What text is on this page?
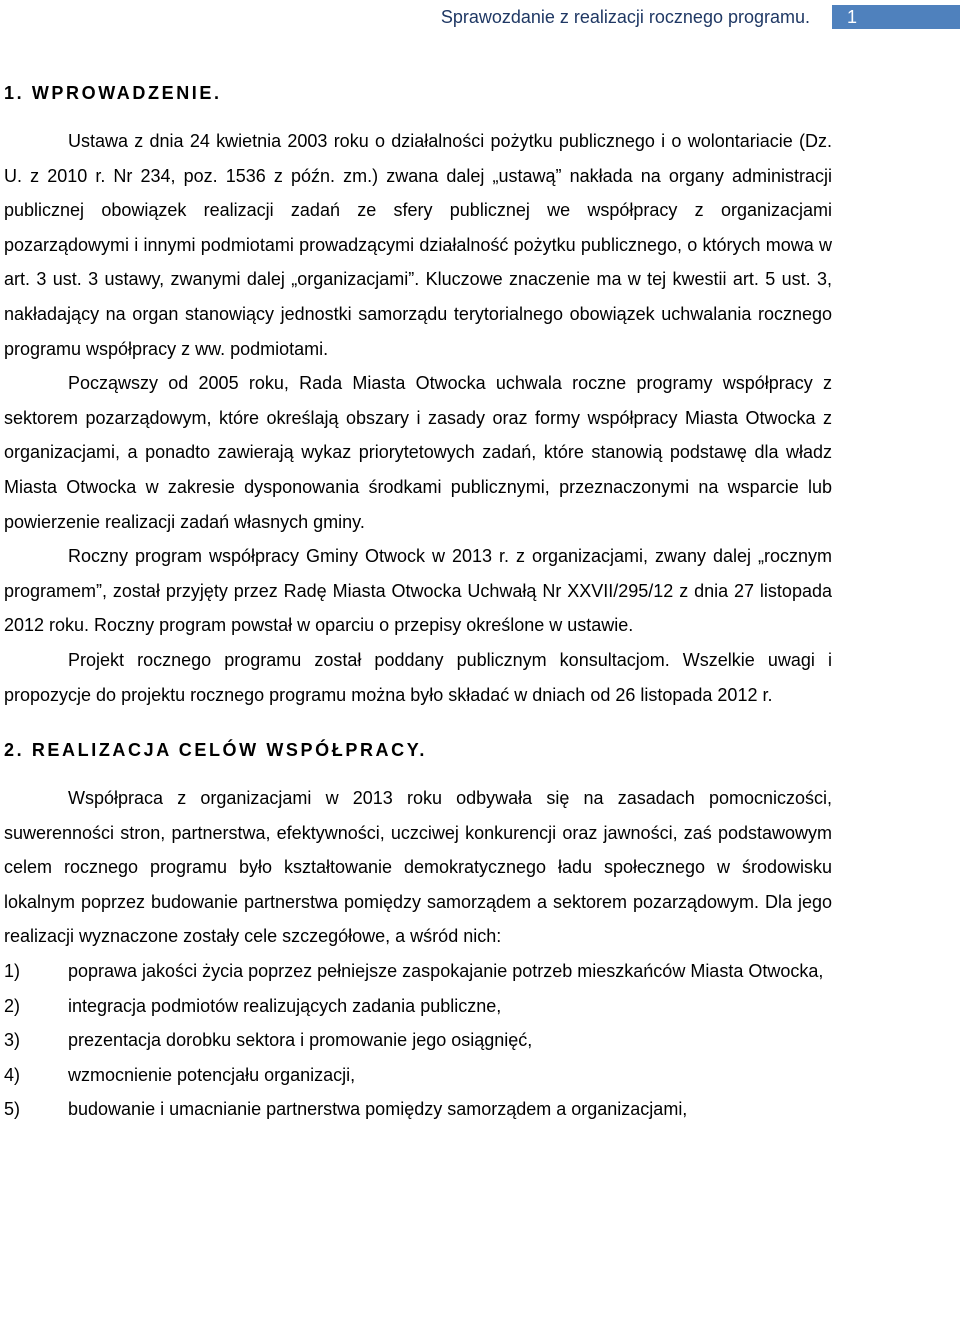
Sprawozdanie z realizacji rocznego programu. 1
1. WPROWADZENIE.

Ustawa z dnia 24 kwietnia 2003 roku o działalności pożytku publicznego i o wolontariacie (Dz. U. z 2010 r. Nr 234, poz. 1536 z późn. zm.) zwana dalej „ustawą” nakłada na organy administracji publicznej obowiązek realizacji zadań ze sfery publicznej we współpracy z organizacjami pozarządowymi i innymi podmiotami prowadzącymi działalność pożytku publicznego, o których mowa w art. 3 ust. 3 ustawy, zwanymi dalej „organizacjami”. Kluczowe znaczenie ma w tej kwestii art. 5 ust. 3, nakładający na organ stanowiący jednostki samorządu terytorialnego obowiązek uchwalania rocznego programu współpracy z ww. podmiotami.

Począwszy od 2005 roku, Rada Miasta Otwocka uchwala roczne programy współpracy z sektorem pozarządowym, które określają obszary i zasady oraz formy współpracy Miasta Otwocka z organizacjami, a ponadto zawierają wykaz priorytetowych zadań, które stanowią podstawę dla władz Miasta Otwocka w zakresie dysponowania środkami publicznymi, przeznaczonymi na wsparcie lub powierzenie realizacji zadań własnych gminy.

Roczny program współpracy Gminy Otwock w 2013 r. z organizacjami, zwany dalej „rocznym programem”, został przyjęty przez Radę Miasta Otwocka Uchwałą Nr XXVII/295/12 z dnia 27 listopada 2012 roku. Roczny program powstał w oparciu o przepisy określone w ustawie.

Projekt rocznego programu został poddany publicznym konsultacjom. Wszelkie uwagi i propozycje do projektu rocznego programu można było składać w dniach od 26 listopada 2012 r.

2. REALIZACJA CELÓW WSPÓŁPRACY.

Współpraca z organizacjami w 2013 roku odbywała się na zasadach pomocniczości, suwerenności stron, partnerstwa, efektywności, uczciwej konkurencji oraz jawności, zaś podstawowym celem rocznego programu było kształtowanie demokratycznego ładu społecznego w środowisku lokalnym poprzez budowanie partnerstwa pomiędzy samorządem a sektorem pozarządowym. Dla jego realizacji wyznaczone zostały cele szczegółowe, a wśród nich:

1)	poprawa jakości życia poprzez pełniejsze zaspokajanie potrzeb mieszkańców Miasta Otwocka,
2)	integracja podmiotów realizujących zadania publiczne,
3)	prezentacja dorobku sektora i promowanie jego osiągnięć,
4)	wzmocnienie potencjału organizacji,
5)	budowanie i umacnianie partnerstwa pomiędzy samorządem a organizacjami,
